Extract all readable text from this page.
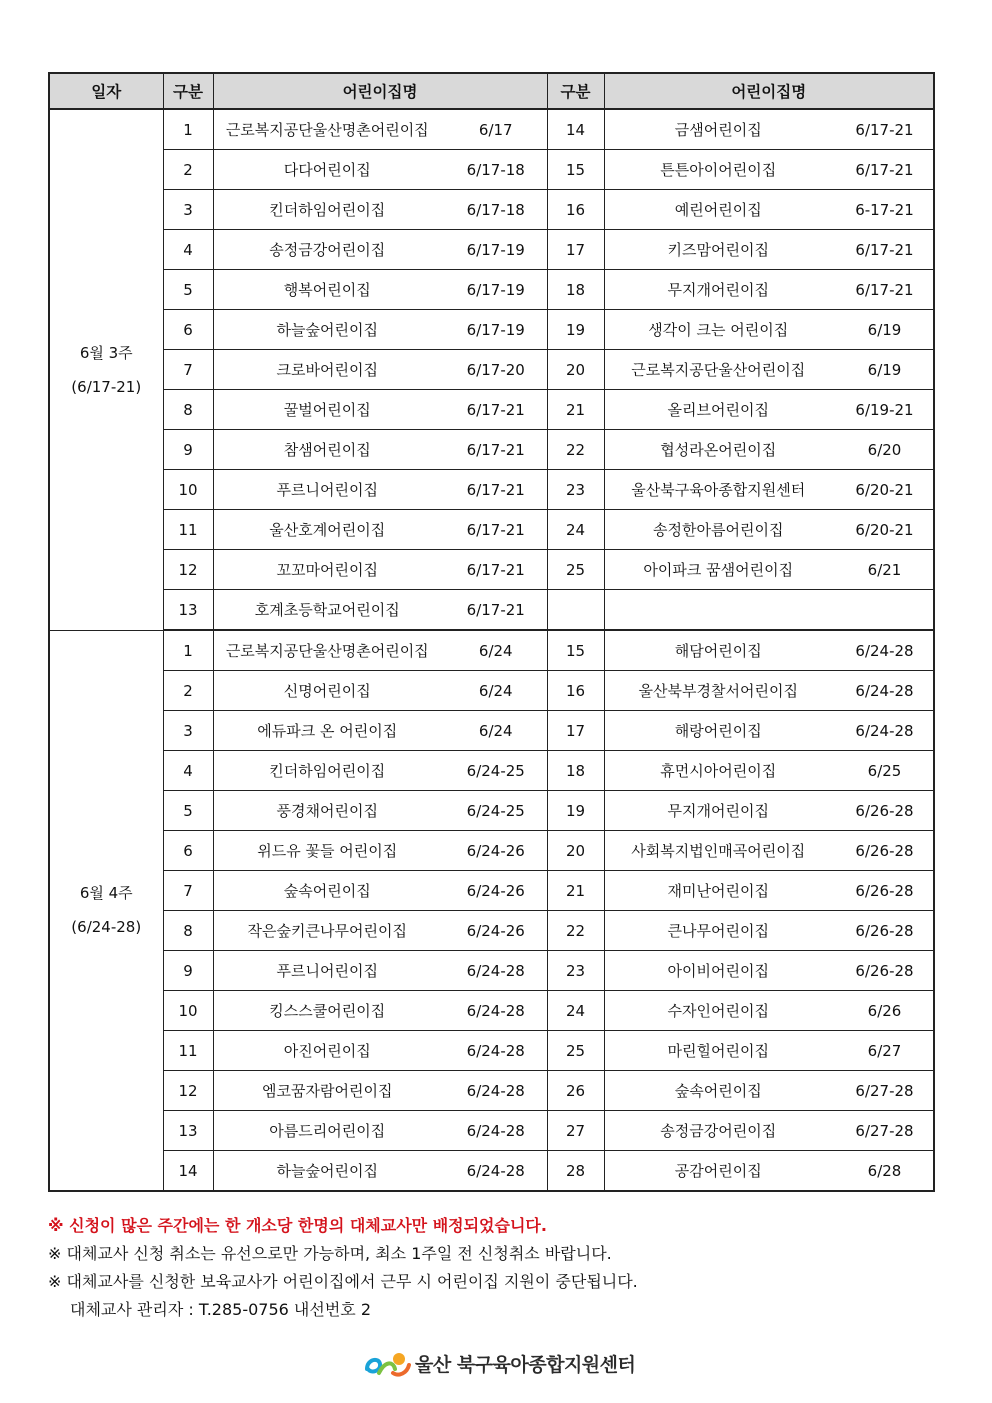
일자	구분	어린이집명		구분	어린이집명	

6월 3주
(6/17-21)	1	근로복지공단울산명촌어린이집	6/17	14	금샘어린이집	6/17-21
	2	다다어린이집	6/17-18	15	튼튼아이어린이집	6/17-21
	3	킨더하임어린이집	6/17-18	16	예린어린이집	6-17-21
	4	송정금강어린이집	6/17-19	17	키즈맘어린이집	6/17-21
	5	행복어린이집	6/17-19	18	무지개어린이집	6/17-21
	6	하늘숲어린이집	6/17-19	19	생각이 크는 어린이집	6/19
	7	크로바어린이집	6/17-20	20	근로복지공단울산어린이집	6/19
	8	꿀벌어린이집	6/17-21	21	올리브어린이집	6/19-21
	9	참샘어린이집	6/17-21	22	협성라온어린이집	6/20
	10	푸르니어린이집	6/17-21	23	울산북구육아종합지원센터	6/20-21
	11	울산호계어린이집	6/17-21	24	송정한아름어린이집	6/20-21
	12	꼬꼬마어린이집	6/17-21	25	아이파크 꿈샘어린이집	6/21
	13	호계초등학교어린이집	6/17-21			

6월 4주
(6/24-28)	1	근로복지공단울산명촌어린이집	6/24	15	해담어린이집	6/24-28
	2	신명어린이집	6/24	16	울산북부경찰서어린이집	6/24-28
	3	에듀파크 온 어린이집	6/24	17	해랑어린이집	6/24-28
	4	킨더하임어린이집	6/24-25	18	휴먼시아어린이집	6/25
	5	풍경채어린이집	6/24-25	19	무지개어린이집	6/26-28
	6	위드유 꽃들 어린이집	6/24-26	20	사회복지법인매곡어린이집	6/26-28
	7	숲속어린이집	6/24-26	21	재미난어린이집	6/26-28
	8	작은숲키큰나무어린이집	6/24-26	22	큰나무어린이집	6/26-28
	9	푸르니어린이집	6/24-28	23	아이비어린이집	6/26-28
	10	킹스스쿨어린이집	6/24-28	24	수자인어린이집	6/26
	11	아진어린이집	6/24-28	25	마린힐어린이집	6/27
	12	엠코꿈자람어린이집	6/24-28	26	숲속어린이집	6/27-28
	13	아름드리어린이집	6/24-28	27	송정금강어린이집	6/27-28
	14	하늘숲어린이집	6/24-28	28	공감어린이집	6/28
※ 신청이 많은 주간에는 한 개소당 한명의 대체교사만 배정되었습니다.
※ 대체교사 신청 취소는 유선으로만 가능하며, 최소 1주일 전 신청취소 바랍니다.
※ 대체교사를 신청한 보육교사가 어린이집에서 근무 시 어린이집 지원이 중단됩니다.
대체교사 관리자 : T.285-0756 내선번호 2
울산 북구육아종합지원센터
